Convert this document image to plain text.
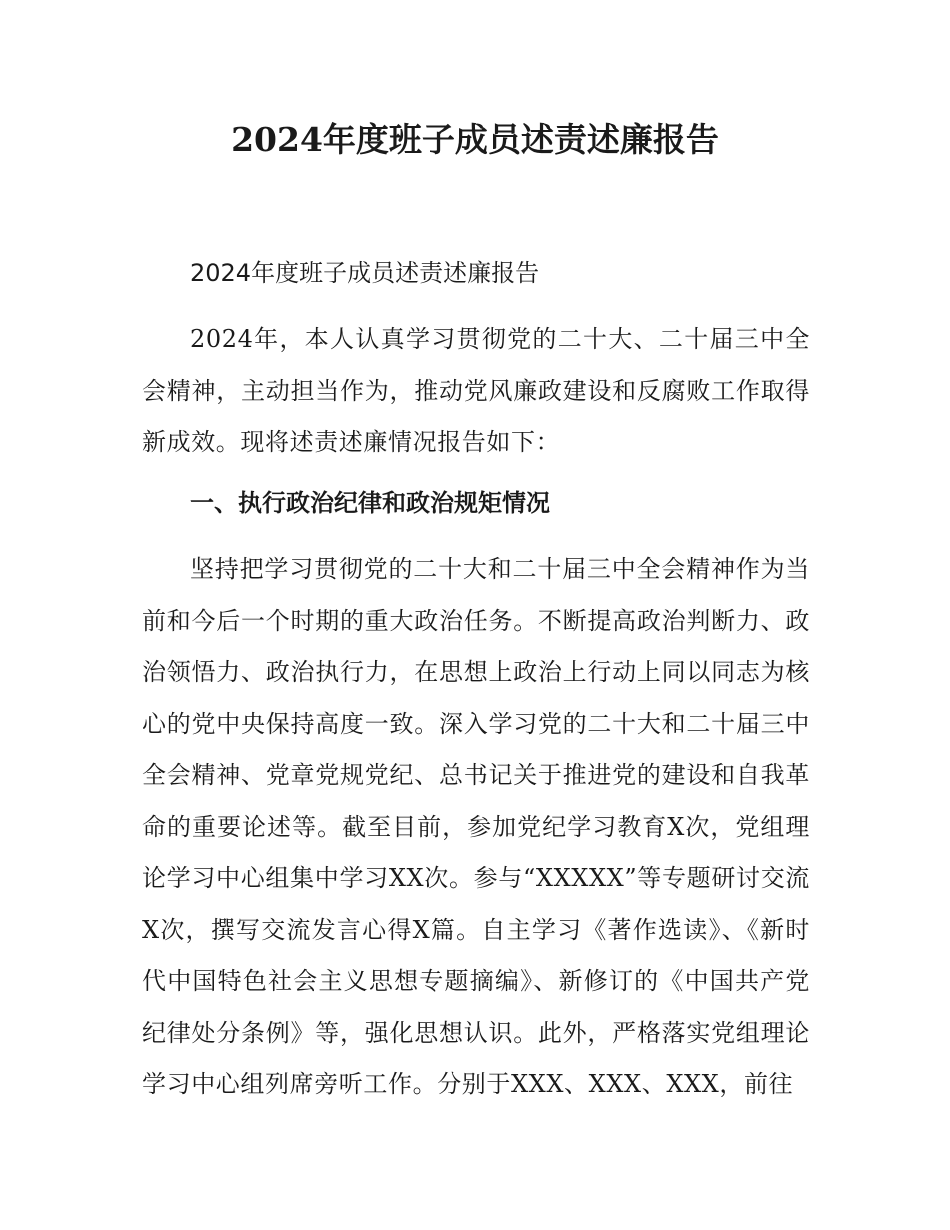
2024年度班子成员述责述廉报告

2024年度班子成员述责述廉报告

2024年，本人认真学习贯彻党的二十大、二十届三中全会精神，主动担当作为，推动党风廉政建设和反腐败工作取得新成效。现将述责述廉情况报告如下：

一、执行政治纪律和政治规矩情况

坚持把学习贯彻党的二十大和二十届三中全会精神作为当前和今后一个时期的重大政治任务。不断提高政治判断力、政治领悟力、政治执行力，在思想上政治上行动上同以同志为核心的党中央保持高度一致。深入学习党的二十大和二十届三中全会精神、党章党规党纪、总书记关于推进党的建设和自我革命的重要论述等。截至目前，参加党纪学习教育X次，党组理论学习中心组集中学习XX次。参与“XXXXX”等专题研讨交流X次，撰写交流发言心得X篇。自主学习《著作选读》、《新时代中国特色社会主义思想专题摘编》、新修订的《中国共产党纪律处分条例》等，强化思想认识。此外，严格落实党组理论学习中心组列席旁听工作。分别于XXX、XXX、XXX，前往
